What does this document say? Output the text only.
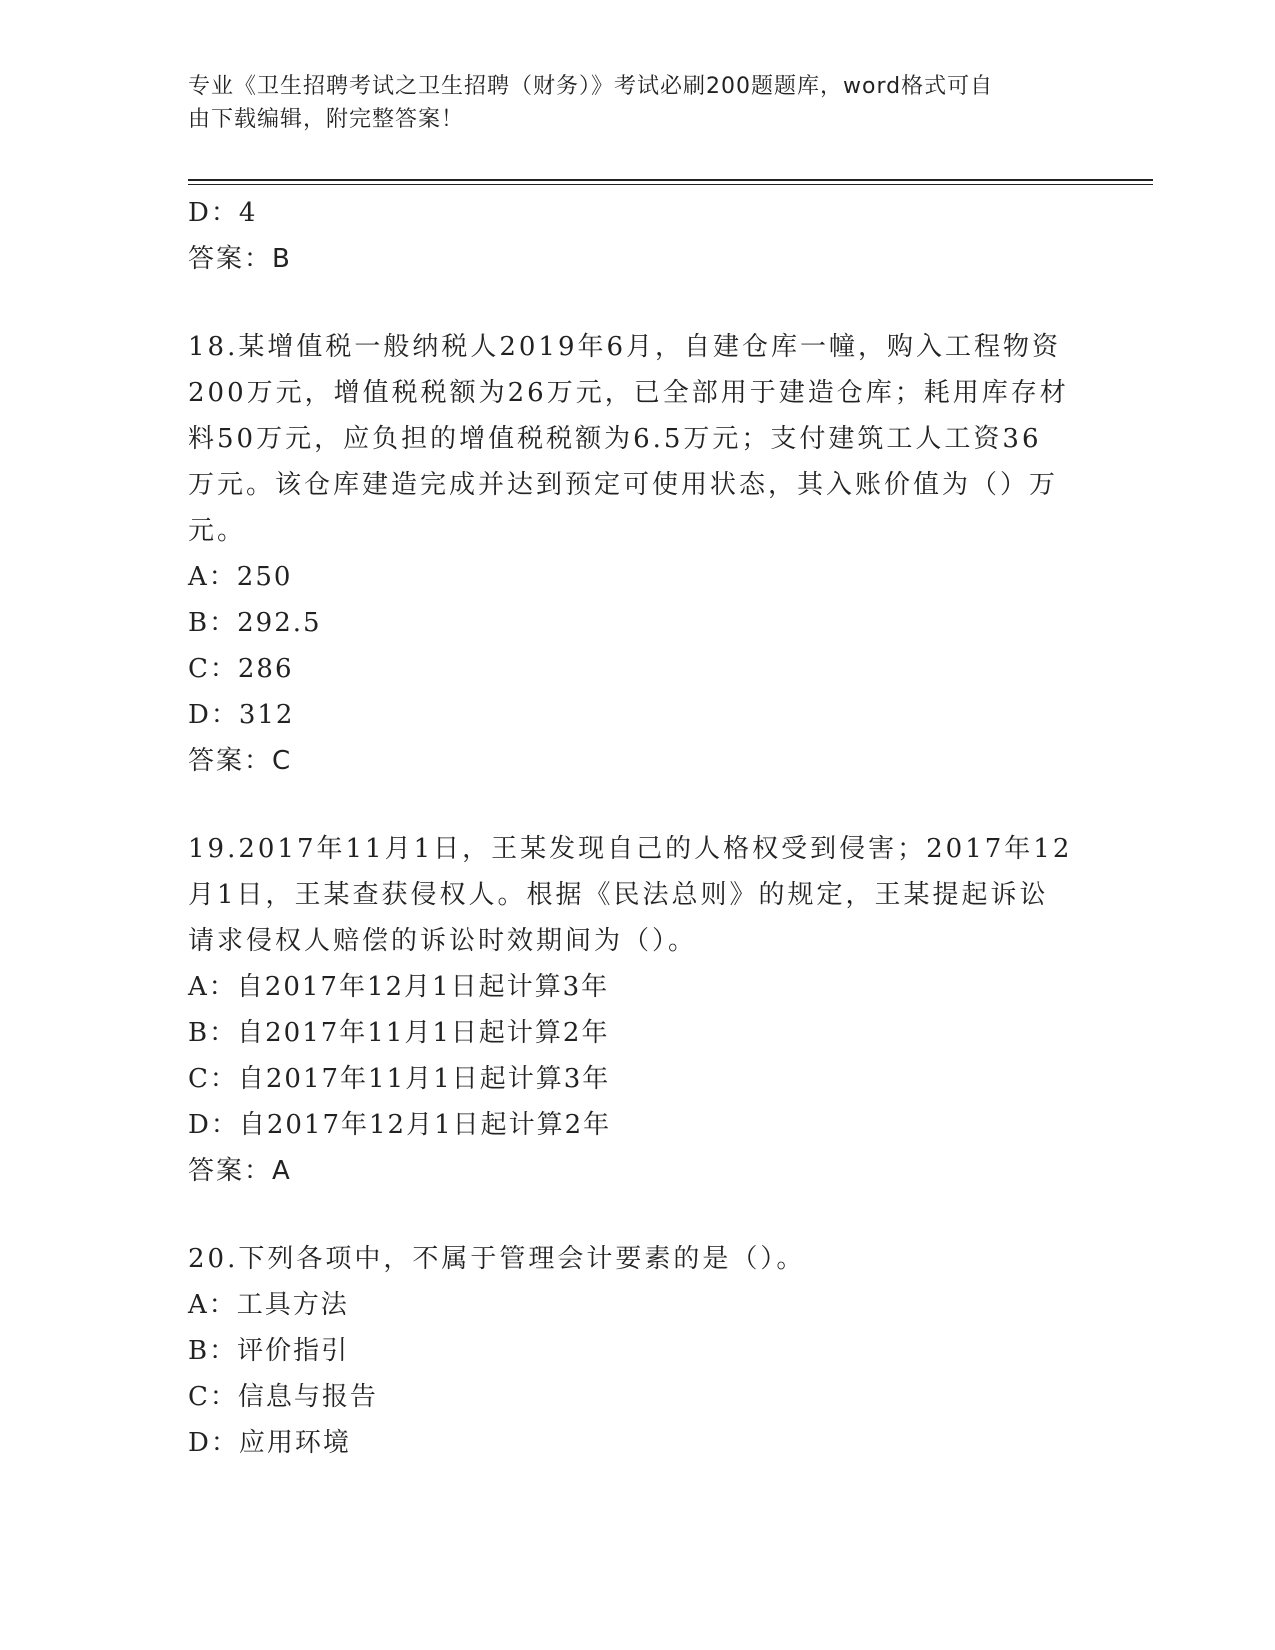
专业《卫生招聘考试之卫生招聘（财务）》考试必刷200题题库，word格式可自
由下载编辑，附完整答案！
D：4
答案：B
18.某增值税一般纳税人2019年6月，自建仓库一幢，购入工程物资
200万元，增值税税额为26万元，已全部用于建造仓库；耗用库存材
料50万元，应负担的增值税税额为6.5万元；支付建筑工人工资36
万元。该仓库建造完成并达到预定可使用状态，其入账价值为（）万
元。
A：250
B：292.5
C：286
D：312
答案：C
19.2017年11月1日，王某发现自己的人格权受到侵害；2017年12
月1日，王某查获侵权人。根据《民法总则》的规定，王某提起诉讼
请求侵权人赔偿的诉讼时效期间为（）。
A：自2017年12月1日起计算3年
B：自2017年11月1日起计算2年
C：自2017年11月1日起计算3年
D：自2017年12月1日起计算2年
答案：A
20.下列各项中，不属于管理会计要素的是（）。
A：工具方法
B：评价指引
C：信息与报告
D：应用环境
